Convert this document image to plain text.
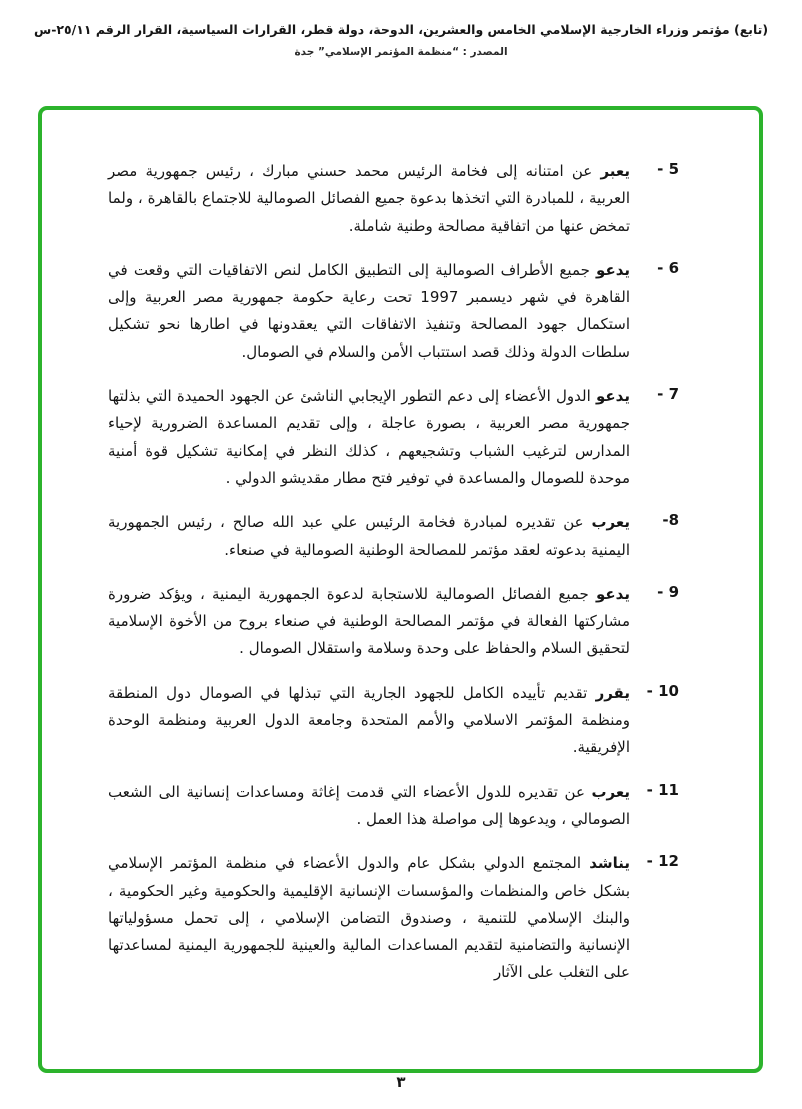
(تابع) مؤتمر وزراء الخارجية الإسلامي الخامس والعشرين، الدوحة، دولة قطر، القرارات السياسية، القرار الرقم ٢٥/١١-س
المصدر : “منظمة المؤتمر الإسلامي” جدة
5 -
يعبر عن امتنانه إلى فخامة الرئيس محمد حسني مبارك ، رئيس جمهورية مصر العربية ، للمبادرة التي اتخذها بدعوة جميع الفصائل الصومالية للاجتماع بالقاهرة ، ولما تمخض عنها من اتفاقية مصالحة وطنية شاملة.
6 -
يدعو جميع الأطراف الصومالية إلى التطبيق الكامل لنص الاتفاقيات التي وقعت في القاهرة في شهر ديسمبر 1997 تحت رعاية حكومة جمهورية مصر العربية وإلى استكمال جهود المصالحة وتنفيذ الاتفاقات التي يعقدونها في اطارها نحو تشكيل سلطات الدولة وذلك قصد استتباب الأمن والسلام في الصومال.
7 -
يدعو الدول الأعضاء إلى دعم التطور الإيجابي الناشئ عن الجهود الحميدة التي بذلتها جمهورية مصر العربية ، بصورة عاجلة ، وإلى تقديم المساعدة الضرورية لإحياء المدارس لترغيب الشباب وتشجيعهم ، كذلك النظر في إمكانية تشكيل قوة أمنية موحدة للصومال والمساعدة في توفير فتح مطار مقديشو الدولي .
8-
يعرب عن تقديره لمبادرة فخامة الرئيس علي عبد الله صالح ، رئيس الجمهورية اليمنية بدعوته لعقد مؤتمر للمصالحة الوطنية الصومالية في صنعاء.
9 -
يدعو جميع الفصائل الصومالية للاستجابة لدعوة الجمهورية اليمنية ، ويؤكد ضرورة مشاركتها الفعالة في مؤتمر المصالحة الوطنية في صنعاء بروح من الأخوة الإسلامية لتحقيق السلام والحفاظ على وحدة وسلامة واستقلال الصومال .
10 -
يقرر تقديم تأييده الكامل للجهود الجارية التي تبذلها في الصومال دول المنطقة ومنظمة المؤتمر الاسلامي والأمم المتحدة وجامعة الدول العربية ومنظمة الوحدة الإفريقية.
11 -
يعرب عن تقديره للدول الأعضاء التي قدمت إغاثة ومساعدات إنسانية الى الشعب الصومالي ، ويدعوها إلى مواصلة هذا العمل .
12 -
يناشد المجتمع الدولي بشكل عام والدول الأعضاء في منظمة المؤتمر الإسلامي بشكل خاص والمنظمات والمؤسسات الإنسانية الإقليمية والحكومية وغير الحكومية ، والبنك الإسلامي للتنمية ، وصندوق التضامن الإسلامي ، إلى تحمل مسؤولياتها الإنسانية والتضامنية لتقديم المساعدات المالية والعينية للجمهورية اليمنية لمساعدتها على التغلب على الآثار
٣
